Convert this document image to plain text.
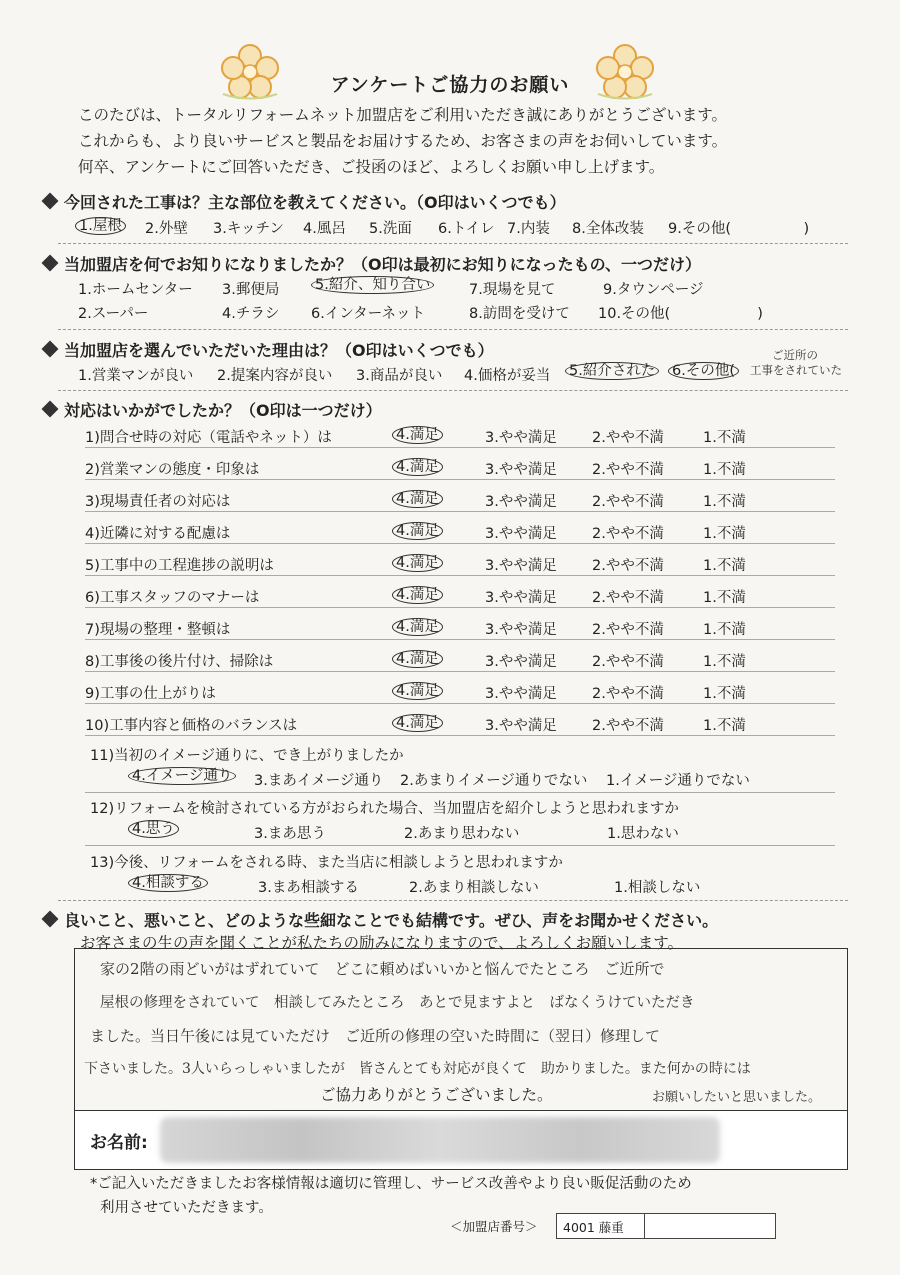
アンケートご協力のお願い
このたびは、トータルリフォームネット加盟店をご利用いただき誠にありがとうございます。
これからも、より良いサービスと製品をお届けするため、お客さまの声をお伺いしています。
何卒、アンケートにご回答いただき、ご投函のほど、よろしくお願い申し上げます。
今回された工事は？主な部位を教えてください。（O印はいくつでも）
1.屋根 2.外壁 3.キッチン 4.風呂 5.洗面 6.トイレ 7.内装 8.全体改装 9.その他(　　　　　)
当加盟店を何でお知りになりましたか？（O印は最初にお知りになったもの、一つだけ）
1.ホームセンター 3.郵便局 5.紹介、知り合い	7.現場を見て	9.タウンページ
2.スーパー	4.チラシ 6.インターネット	8.訪問を受けて 10.その他(　　　　　　)
当加盟店を選んでいただいた理由は？（O印はいくつでも）
1.営業マンが良い 2.提案内容が良い 3.商品が良い 4.価格が妥当 5.紹介された 6.その他(
ご近所の
工事をされていた
対応はいかがでしたか？（O印は一つだけ）
1)問合せ時の対応（電話やネット）は	4.満足	3.やや満足 2.やや不満	1.不満
2)営業マンの態度・印象は	4.満足	3.やや満足 2.やや不満	1.不満
3)現場責任者の対応は	4.満足	3.やや満足 2.やや不満	1.不満
4)近隣に対する配慮は	4.満足	3.やや満足 2.やや不満	1.不満
5)工事中の工程進捗の説明は	4.満足	3.やや満足 2.やや不満	1.不満
6)工事スタッフのマナーは	4.満足	3.やや満足 2.やや不満	1.不満
7)現場の整理・整頓は	4.満足	3.やや満足 2.やや不満	1.不満
8)工事後の後片付け、掃除は	4.満足	3.やや満足 2.やや不満	1.不満
9)工事の仕上がりは	4.満足	3.やや満足 2.やや不満	1.不満
10)工事内容と価格のバランスは	4.満足	3.やや満足 2.やや不満	1.不満
11)当初のイメージ通りに、でき上がりましたか
4.イメージ通り 3.まあイメージ通り 2.あまりイメージ通りでない 1.イメージ通りでない
12)リフォームを検討されている方がおられた場合、当加盟店を紹介しようと思われますか
4.思う	3.まあ思う	2.あまり思わない	1.思わない
13)今後、リフォームをされる時、また当店に相談しようと思われますか
4.相談する	3.まあ相談する	2.あまり相談しない	1.相談しない
良いこと、悪いこと、どのような些細なことでも結構です。ぜひ、声をお聞かせください。
お客さまの生の声を聞くことが私たちの励みになりますので、よろしくお願いします。
家の2階の雨どいがはずれていて　どこに頼めばいいかと悩んでたところ　ご近所で
屋根の修理をされていて　相談してみたところ　あとで見ますよと　ばなくうけていただき
ました。当日午後には見ていただけ　ご近所の修理の空いた時間に（翌日）修理して
下さいました。3人いらっしゃいましたが　皆さんとても対応が良くて　助かりました。また何かの時には
お願いしたいと思いました。
ご協力ありがとうございました。
お名前:
*ご記入いただきましたお客様情報は適切に管理し、サービス改善やより良い販促活動のため
利用させていただきます。
＜加盟店番号＞ 4001 藤重
